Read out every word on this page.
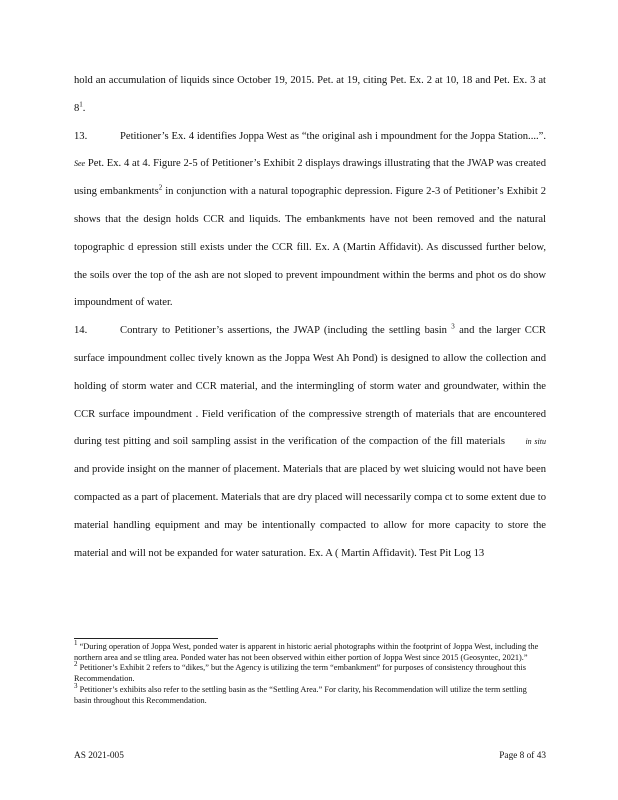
hold an accumulation of liquids since October 19, 2015. Pet. at 19, citing Pet. Ex. 2 at 10, 18 and Pet. Ex. 3 at $8^1$.

13.	Petitioner’s Ex. 4 identifies Joppa West as “the original ash i mpoundment for the Joppa Station....”. See Pet. Ex. 4 at 4. Figure 2-5 of Petitioner’s Exhibit 2 displays drawings illustrating that the JWAP was created using embankments$^2$ in conjunction with a natural topographic depression. Figure 2-3 of Petitioner’s Exhibit 2 shows that the design holds CCR and liquids. The embankments have not been removed and the natural topographic d epression still exists under the CCR fill. Ex. A (Martin Affidavit). As discussed further below, the soils over the top of the ash are not sloped to prevent impoundment within the berms and phot os do show impoundment of water.

14.	Contrary to Petitioner’s assertions, the JWAP (including the settling basin $^3$ and the larger CCR surface impoundment collec tively known as the Joppa West Ah Pond) is designed to allow the collection and holding of storm water and CCR material, and the intermingling of storm water and groundwater, within the CCR surface impoundment . Field verification of the compressive strength of materials that are encountered during test pitting and soil sampling assist in the verification of the compaction of the fill materials	in situ and provide insight on the manner of placement. Materials that are placed by wet sluicing would not have been compacted as a part of placement. Materials that are dry placed will necessarily compa ct to some extent due to material handling equipment and may be intentionally compacted to allow for more capacity to store the material and will not be expanded for water saturation. Ex. A ( Martin Affidavit). Test Pit Log 13

$^1$ “During operation of Joppa West, ponded water is apparent in historic aerial photographs within the footprint of Joppa West, including the northern area and se ttling area. Ponded water has not been observed within either portion of Joppa West since 2015 (Geosyntec, 2021).”

$^2$ Petitioner’s Exhibit 2 refers to “dikes,” but the Agency is utilizing the term “embankment” for purposes of consistency throughout this Recommendation.

$^3$ Petitioner’s exhibits also refer to the settling basin as the “Settling Area.” For clarity, his Recommendation will utilize the term settling basin throughout this Recommendation.

AS 2021-005	Page 8 of 43
